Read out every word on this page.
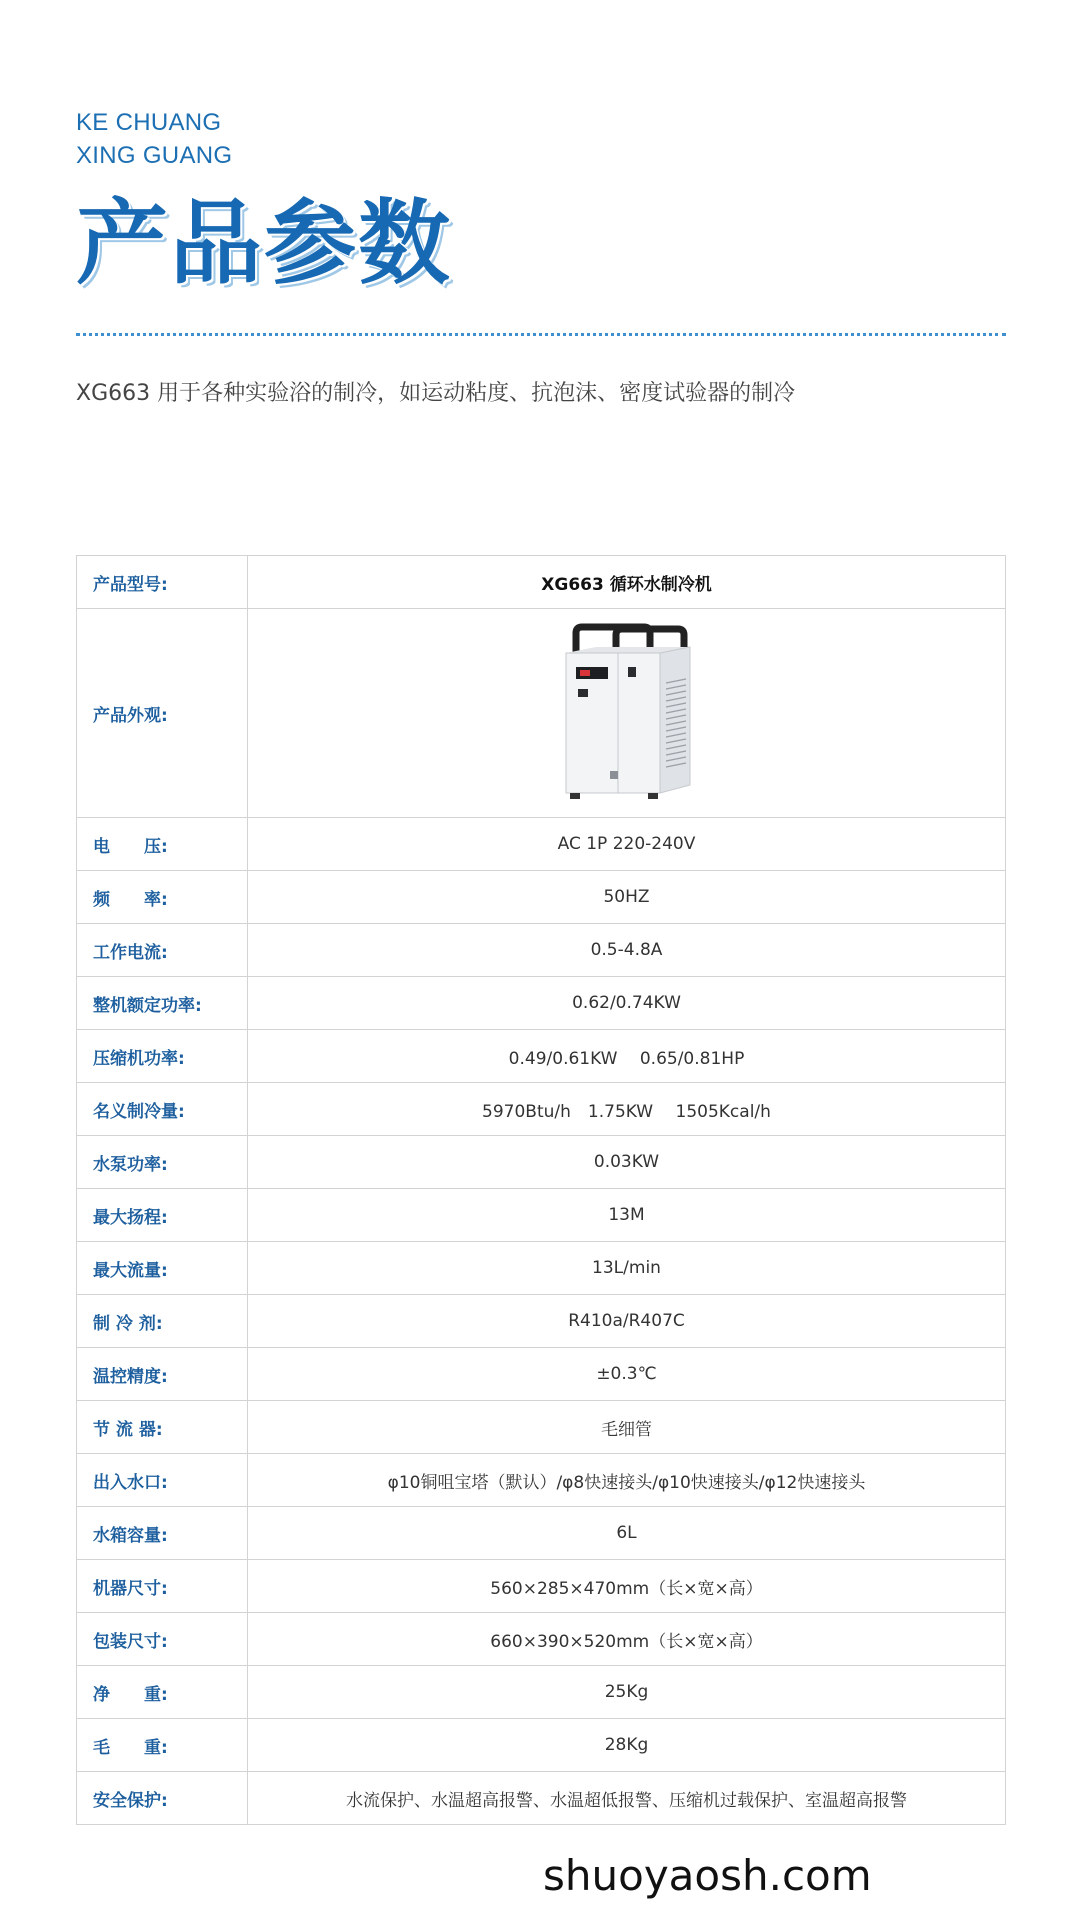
KE CHUANG
XING GUANG
产品参数
XG663 用于各种实验浴的制冷，如运动粘度、抗泡沫、密度试验器的制冷
产品型号:	XG663 循环水制冷机
产品外观:	

电　　压:	AC 1P 220-240V
频　　率:	50HZ
工作电流:	0.5-4.8A
整机额定功率:	0.62/0.74KW
压缩机功率:	0.49/0.61KW　 0.65/0.81HP
名义制冷量:	5970Btu/h　1.75KW　 1505Kcal/h
水泵功率:	0.03KW
最大扬程:	13M
最大流量:	13L/min
制 冷 剂:	R410a/R407C
温控精度:	±0.3℃
节 流 器:	毛细管
出入水口:	φ10铜咀宝塔（默认）/φ8快速接头/φ10快速接头/φ12快速接头
水箱容量:	6L
机器尺寸:	560×285×470mm（长×宽×高）
包装尺寸:	660×390×520mm（长×宽×高）
净　　重:	25Kg
毛　　重:	28Kg
安全保护:	水流保护、水温超高报警、水温超低报警、压缩机过载保护、室温超高报警
shuoyaosh.com
